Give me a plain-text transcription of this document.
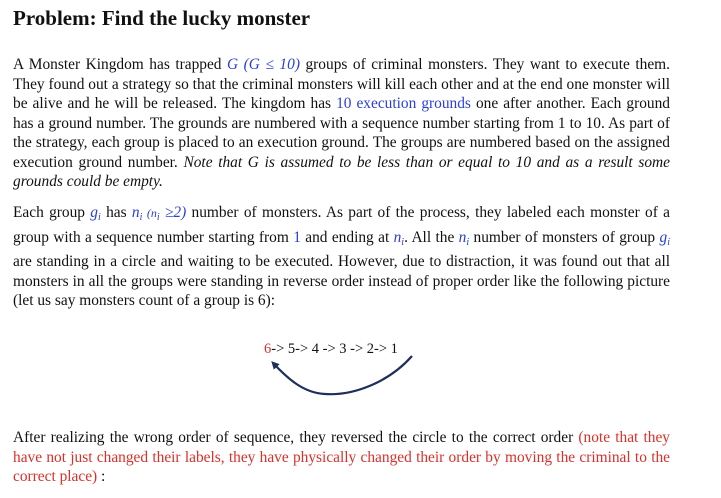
Problem: Find the lucky monster

A Monster Kingdom has trapped G (G ≤ 10) groups of criminal monsters. They want to execute them. They found out a strategy so that the criminal monsters will kill each other and at the end one monster will be alive and he will be released. The kingdom has 10 execution grounds one after another. Each ground has a ground number. The grounds are numbered with a sequence number starting from 1 to 10. As part of the strategy, each group is placed to an execution ground. The groups are numbered based on the assigned execution ground number. Note that G is assumed to be less than or equal to 10 and as a result some grounds could be empty.

Each group $g_i$ has $n_i$ $(n_i \ge 2)$ number of monsters. As part of the process, they labeled each monster of a group with a sequence number starting from 1 and ending at $n_i$. All the $n_i$ number of monsters of group $g_i$ are standing in a circle and waiting to be executed. However, due to distraction, it was found out that all monsters in all the groups were standing in reverse order instead of proper order like the following picture (let us say monsters count of a group is 6):

6-> 5-> 4 -> 3 -> 2-> 1

After realizing the wrong order of sequence, they reversed the circle to the correct order (note that they have not just changed their labels, they have physically changed their order by moving the criminal to the correct place) :
